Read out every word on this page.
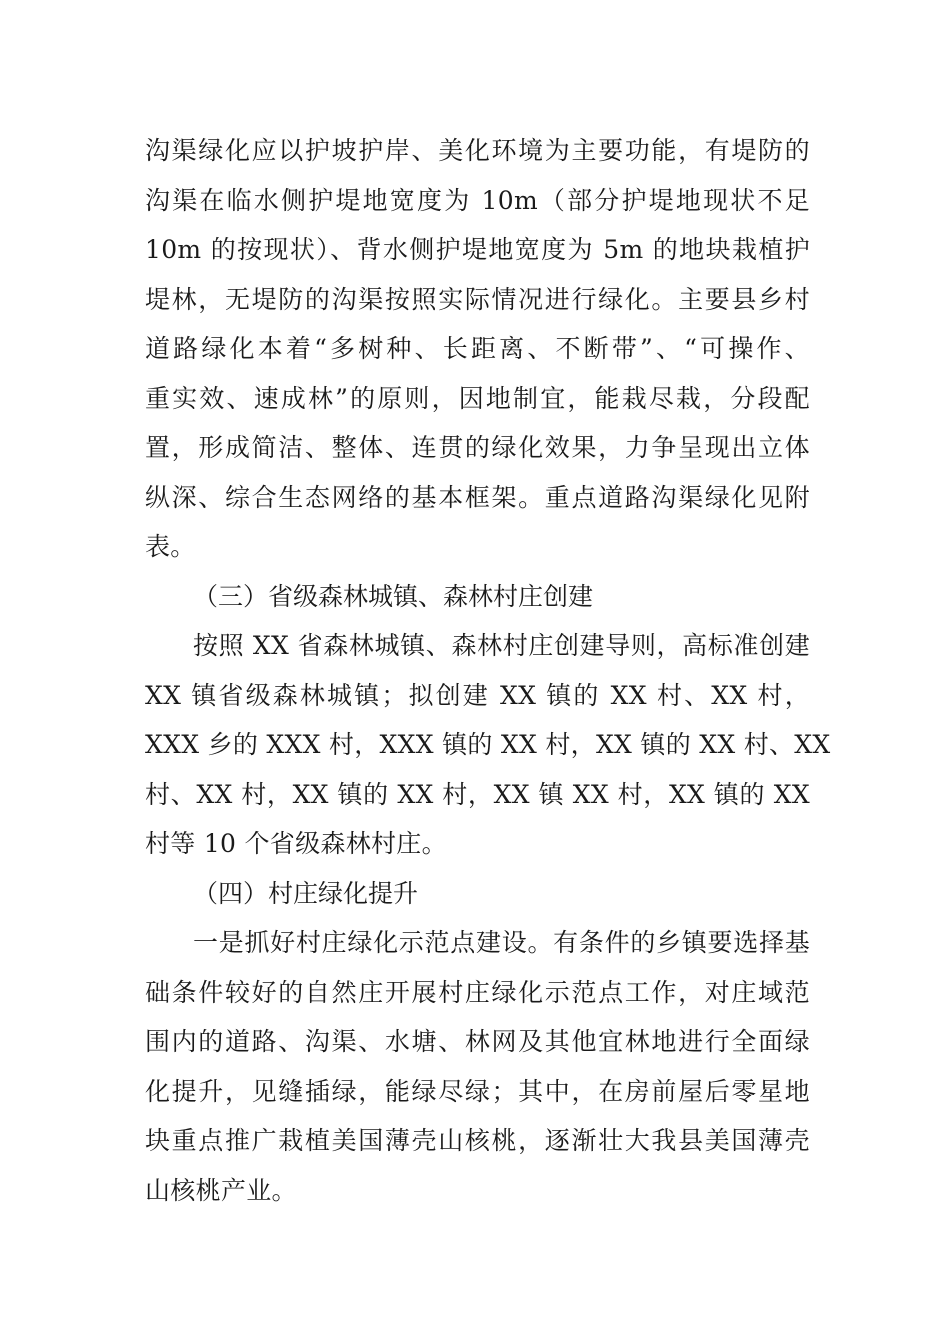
沟渠绿化应以护坡护岸、美化环境为主要功能，有堤防的
沟渠在临水侧护堤地宽度为 10m（部分护堤地现状不足
10m 的按现状）、背水侧护堤地宽度为 5m 的地块栽植护
堤林，无堤防的沟渠按照实际情况进行绿化。主要县乡村
道路绿化本着“多树种、长距离、不断带”、“可操作、
重实效、速成林”的原则，因地制宜，能栽尽栽，分段配
置，形成简洁、整体、连贯的绿化效果，力争呈现出立体
纵深、综合生态网络的基本框架。重点道路沟渠绿化见附
表。
（三）省级森林城镇、森林村庄创建
按照 XX 省森林城镇、森林村庄创建导则，高标准创建
XX 镇省级森林城镇；拟创建 XX 镇的 XX 村、XX 村，
XXX 乡的 XXX 村，XXX 镇的 XX 村，XX 镇的 XX 村、XX
村、XX 村，XX 镇的 XX 村，XX 镇 XX 村，XX 镇的 XX
村等 10 个省级森林村庄。
（四）村庄绿化提升
一是抓好村庄绿化示范点建设。有条件的乡镇要选择基
础条件较好的自然庄开展村庄绿化示范点工作，对庄域范
围内的道路、沟渠、水塘、林网及其他宜林地进行全面绿
化提升，见缝插绿，能绿尽绿；其中，在房前屋后零星地
块重点推广栽植美国薄壳山核桃，逐渐壮大我县美国薄壳
山核桃产业。
